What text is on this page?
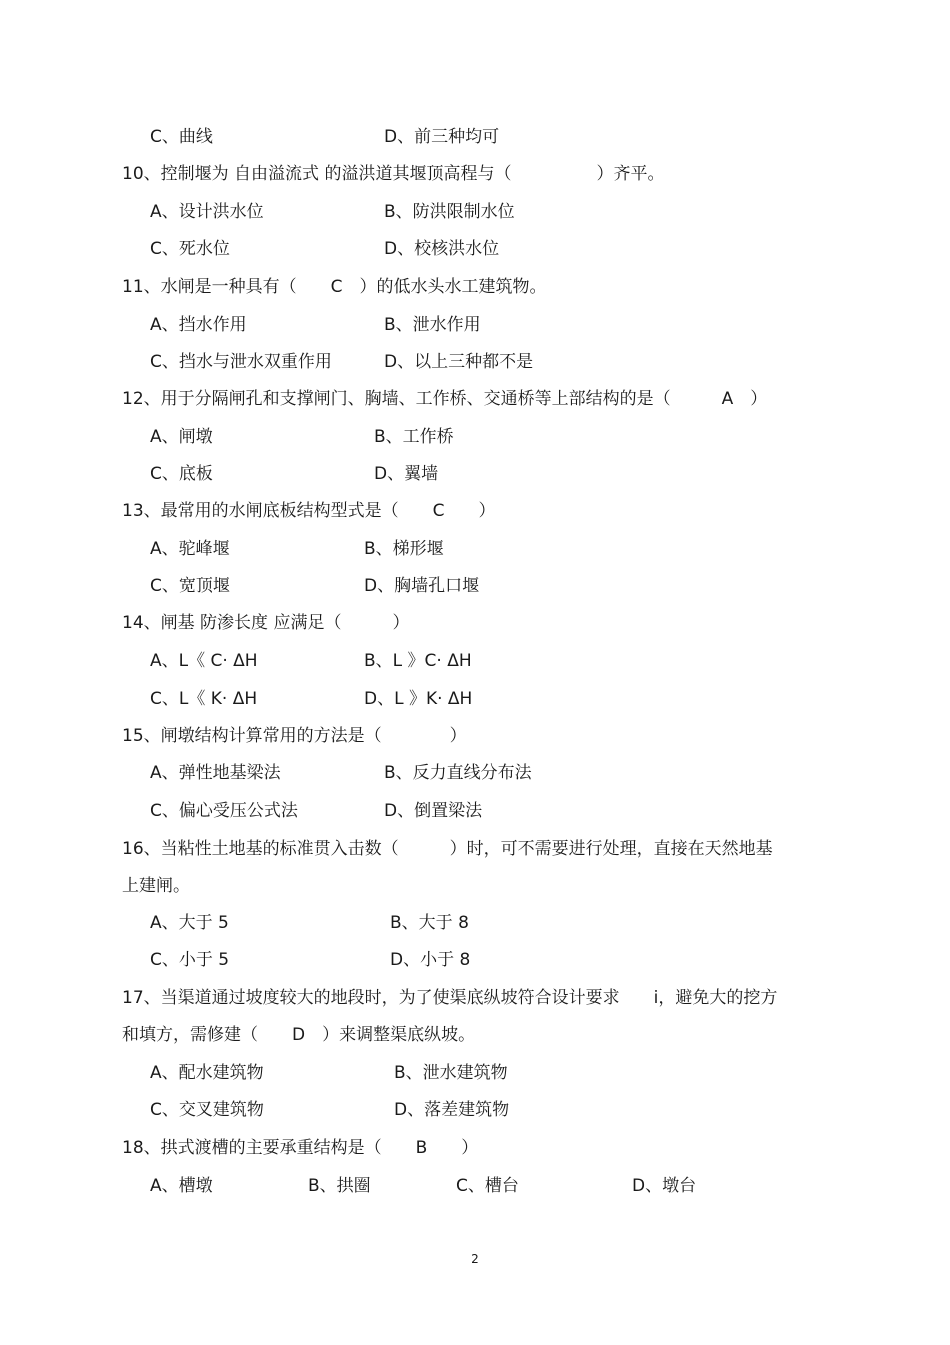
C、曲线	D、前三种均可
10、控制堰为 自由溢流式 的溢洪道其堰顶高程与（　　　　　）齐平。
A、设计洪水位	B、防洪限制水位
C、死水位	D、校核洪水位
11、水闸是一种具有（　　C　）的低水头水工建筑物。
A、挡水作用	B、泄水作用
C、挡水与泄水双重作用	D、以上三种都不是
12、用于分隔闸孔和支撑闸门、胸墙、工作桥、交通桥等上部结构的是（　　　A　）
A、闸墩	B、工作桥
C、底板	D、翼墙
13、最常用的水闸底板结构型式是（　　C　　）
A、驼峰堰	B、梯形堰
C、宽顶堰	D、胸墙孔口堰
14、闸基 防渗长度 应满足（　　　）
A、L《 C· ΔH	B、L 》C· ΔH
C、L《 K· ΔH	D、L 》K· ΔH
15、闸墩结构计算常用的方法是（　　　　）
A、弹性地基梁法	B、反力直线分布法
C、偏心受压公式法	D、倒置梁法
16、当粘性土地基的标准贯入击数（　　　）时，可不需要进行处理，直接在天然地基
上建闸。
A、大于 5	B、大于 8
C、小于 5	D、小于 8
17、当渠道通过坡度较大的地段时，为了使渠底纵坡符合设计要求　　i，避免大的挖方
和填方，需修建（　　D　）来调整渠底纵坡。
A、配水建筑物	B、泄水建筑物
C、交叉建筑物	D、落差建筑物
18、拱式渡槽的主要承重结构是（　　B　　）
A、槽墩	B、拱圈	C、槽台	D、墩台
2
